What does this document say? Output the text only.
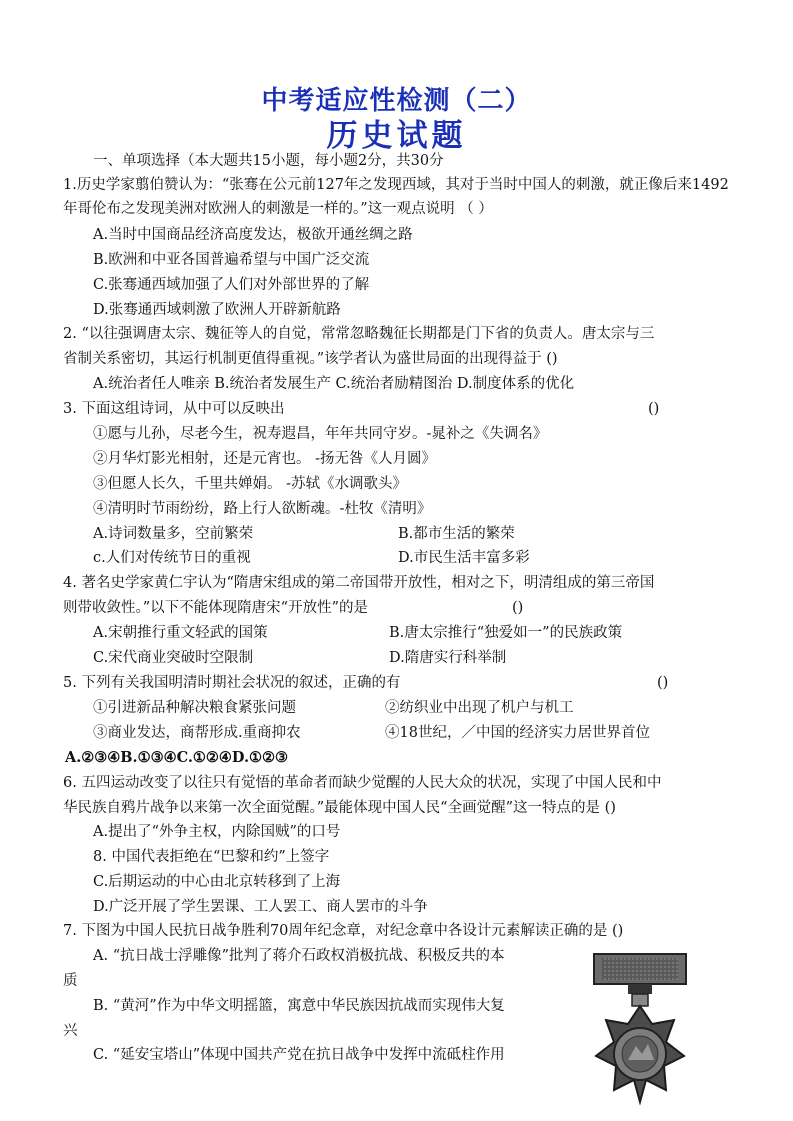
中考适应性检测（二）
历史试题
一、单项选择（本大题共15小题，每小题2分，共30分
1.历史学家翦伯赞认为：“张骞在公元前127年之发现西域，其对于当时中国人的刺激，就正像后来1492
年哥伦布之发现美洲对欧洲人的刺激是一样的。”这一观点说明 （ ）
A.当时中国商品经济高度发达，极欲开通丝绸之路
B.欧洲和中亚各国普遍希望与中国广泛交流
C.张骞通西域加强了人们对外部世界的了解
D.张骞通西域刺激了欧洲人开辟新航路
2. “以往强调唐太宗、魏征等人的自觉，常常忽略魏征长期都是门下省的负责人。唐太宗与三
省制关系密切，其运行机制更值得重视。”该学者认为盛世局面的出现得益于 ()
A.统治者任人唯亲 B.统治者发展生产 C.统治者励精图治 D.制度体系的优化
3. 下面这组诗词，从中可以反映出	()
①愿与儿孙，尽老今生，祝寿遐昌，年年共同守岁。-晁补之《失调名》
②月华灯影光相射，还是元宵也。 -扬无咎《人月圆》
③但愿人长久，千里共婵娟。 -苏轼《水调歌头》
④清明时节雨纷纷，路上行人欲断魂。-杜牧《清明》
A.诗词数量多，空前繁荣	B.都市生活的繁荣
c.人们对传统节日的重视	D.市民生活丰富多彩
4. 著名史学家黄仁宇认为“隋唐宋组成的第二帝国带开放性，相对之下，明清组成的第三帝国
则带收敛性。”以下不能体现隋唐宋“开放性”的是	()
A.宋朝推行重文轻武的国策	B.唐太宗推行“独爱如一”的民族政策
C.宋代商业突破时空限制	D.隋唐实行科举制
5. 下列有关我国明清时期社会状况的叙述，正确的有	()
①引进新品种解决粮食紧张问题	②纺织业中出现了机户与机工
③商业发达，商帮形成.重商抑农	④18世纪，／中国的经济实力居世界首位
A.②③④B.①③④C.①②④D.①②③
6. 五四运动改变了以往只有觉悟的革命者而缺少觉醒的人民大众的状况，实现了中国人民和中
华民族自鸦片战争以来第一次全面觉醒。”最能体现中国人民“全画觉醒”这一特点的是 ()
A.提出了“外争主权，内除国贼”的口号
8. 中国代表拒绝在“巴黎和约”上签字
C.后期运动的中心由北京转移到了上海
D.广泛开展了学生罢课、工人罢工、商人罢市的斗争
7. 下图为中国人民抗日战争胜利70周年纪念章，对纪念章中各设计元素解读正确的是 ()
A. “抗日战士浮雕像”批判了蒋介石政权消极抗战、积极反共的本
质
B. “黄河”作为中华文明摇篮，寓意中华民族因抗战而实现伟大复
兴
C. “延安宝塔山”体现中国共产党在抗日战争中发挥中流砥柱作用
